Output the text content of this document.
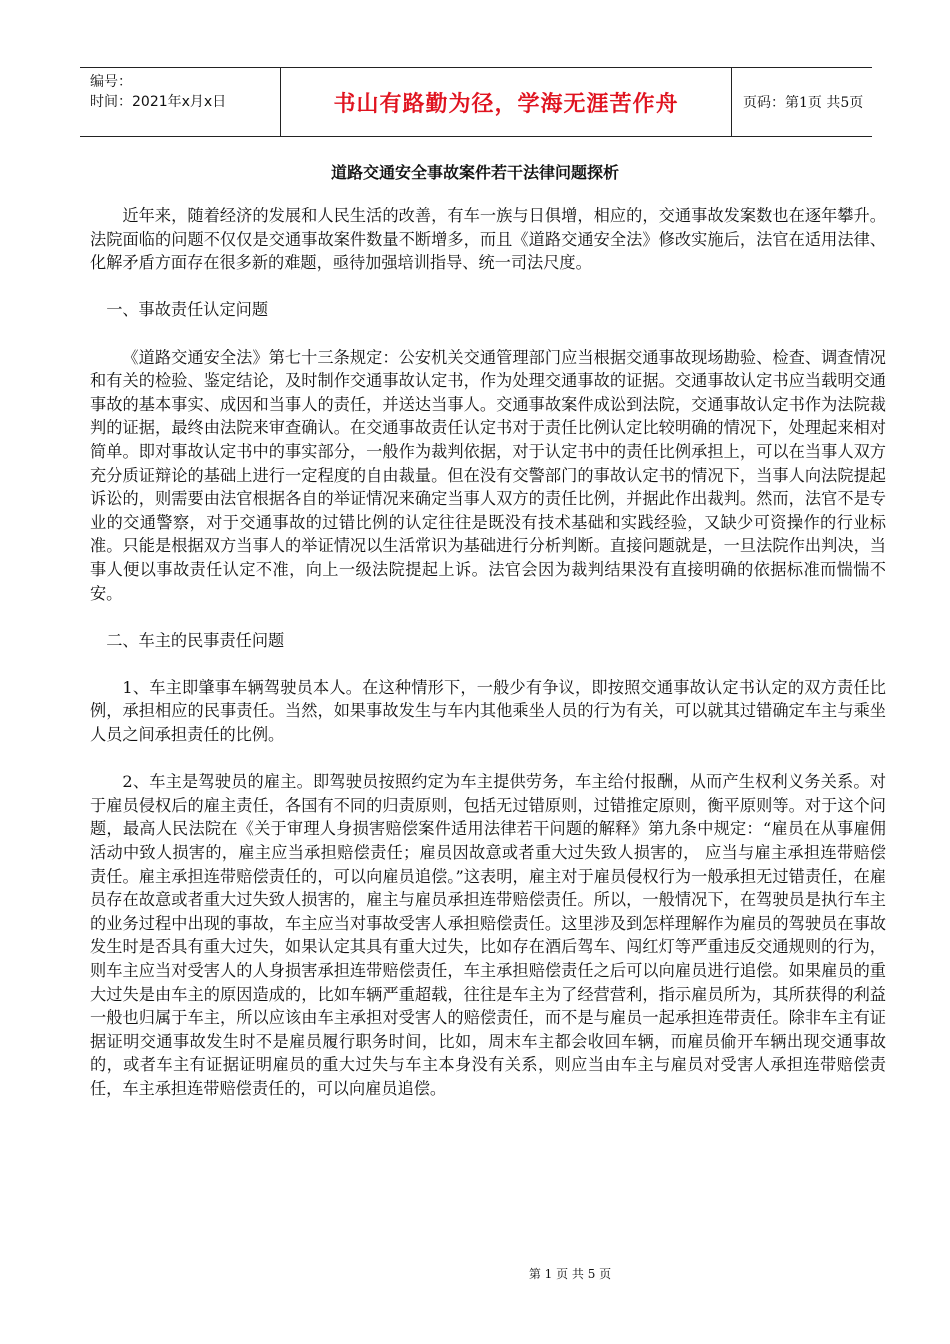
编号：
时间：2021年x月x日	书山有路勤为径，学海无涯苦作舟	页码：第1页 共5页
道路交通安全事故案件若干法律问题探析

近年来，随着经济的发展和人民生活的改善，有车一族与日俱增，相应的，交通事故发案数也在逐年攀升。法院面临的问题不仅仅是交通事故案件数量不断增多，而且《道路交通安全法》修改实施后，法官在适用法律、化解矛盾方面存在很多新的难题，亟待加强培训指导、统一司法尺度。

一、事故责任认定问题

《道路交通安全法》第七十三条规定：公安机关交通管理部门应当根据交通事故现场勘验、检查、调查情况和有关的检验、鉴定结论，及时制作交通事故认定书，作为处理交通事故的证据。交通事故认定书应当载明交通事故的基本事实、成因和当事人的责任，并送达当事人。交通事故案件成讼到法院，交通事故认定书作为法院裁判的证据，最终由法院来审查确认。在交通事故责任认定书对于责任比例认定比较明确的情况下，处理起来相对简单。即对事故认定书中的事实部分，一般作为裁判依据，对于认定书中的责任比例承担上，可以在当事人双方充分质证辩论的基础上进行一定程度的自由裁量。但在没有交警部门的事故认定书的情况下，当事人向法院提起诉讼的，则需要由法官根据各自的举证情况来确定当事人双方的责任比例，并据此作出裁判。然而，法官不是专业的交通警察，对于交通事故的过错比例的认定往往是既没有技术基础和实践经验，又缺少可资操作的行业标准。只能是根据双方当事人的举证情况以生活常识为基础进行分析判断。直接问题就是，一旦法院作出判决，当事人便以事故责任认定不准，向上一级法院提起上诉。法官会因为裁判结果没有直接明确的依据标准而惴惴不安。

二、车主的民事责任问题

1、车主即肇事车辆驾驶员本人。在这种情形下，一般少有争议，即按照交通事故认定书认定的双方责任比例，承担相应的民事责任。当然，如果事故发生与车内其他乘坐人员的行为有关，可以就其过错确定车主与乘坐人员之间承担责任的比例。

2、车主是驾驶员的雇主。即驾驶员按照约定为车主提供劳务，车主给付报酬，从而产生权利义务关系。对于雇员侵权后的雇主责任，各国有不同的归责原则，包括无过错原则，过错推定原则，衡平原则等。对于这个问题，最高人民法院在《关于审理人身损害赔偿案件适用法律若干问题的解释》第九条中规定：“雇员在从事雇佣活动中致人损害的，雇主应当承担赔偿责任；雇员因故意或者重大过失致人损害的， 应当与雇主承担连带赔偿责任。雇主承担连带赔偿责任的，可以向雇员追偿。”这表明，雇主对于雇员侵权行为一般承担无过错责任，在雇员存在故意或者重大过失致人损害的，雇主与雇员承担连带赔偿责任。所以，一般情况下，在驾驶员是执行车主的业务过程中出现的事故，车主应当对事故受害人承担赔偿责任。这里涉及到怎样理解作为雇员的驾驶员在事故发生时是否具有重大过失，如果认定其具有重大过失，比如存在酒后驾车、闯红灯等严重违反交通规则的行为，则车主应当对受害人的人身损害承担连带赔偿责任，车主承担赔偿责任之后可以向雇员进行追偿。如果雇员的重大过失是由车主的原因造成的，比如车辆严重超载，往往是车主为了经营营利，指示雇员所为，其所获得的利益一般也归属于车主，所以应该由车主承担对受害人的赔偿责任，而不是与雇员一起承担连带责任。除非车主有证据证明交通事故发生时不是雇员履行职务时间，比如，周末车主都会收回车辆，而雇员偷开车辆出现交通事故的，或者车主有证据证明雇员的重大过失与车主本身没有关系，则应当由车主与雇员对受害人承担连带赔偿责任，车主承担连带赔偿责任的，可以向雇员追偿。

第 1 页 共 5 页
